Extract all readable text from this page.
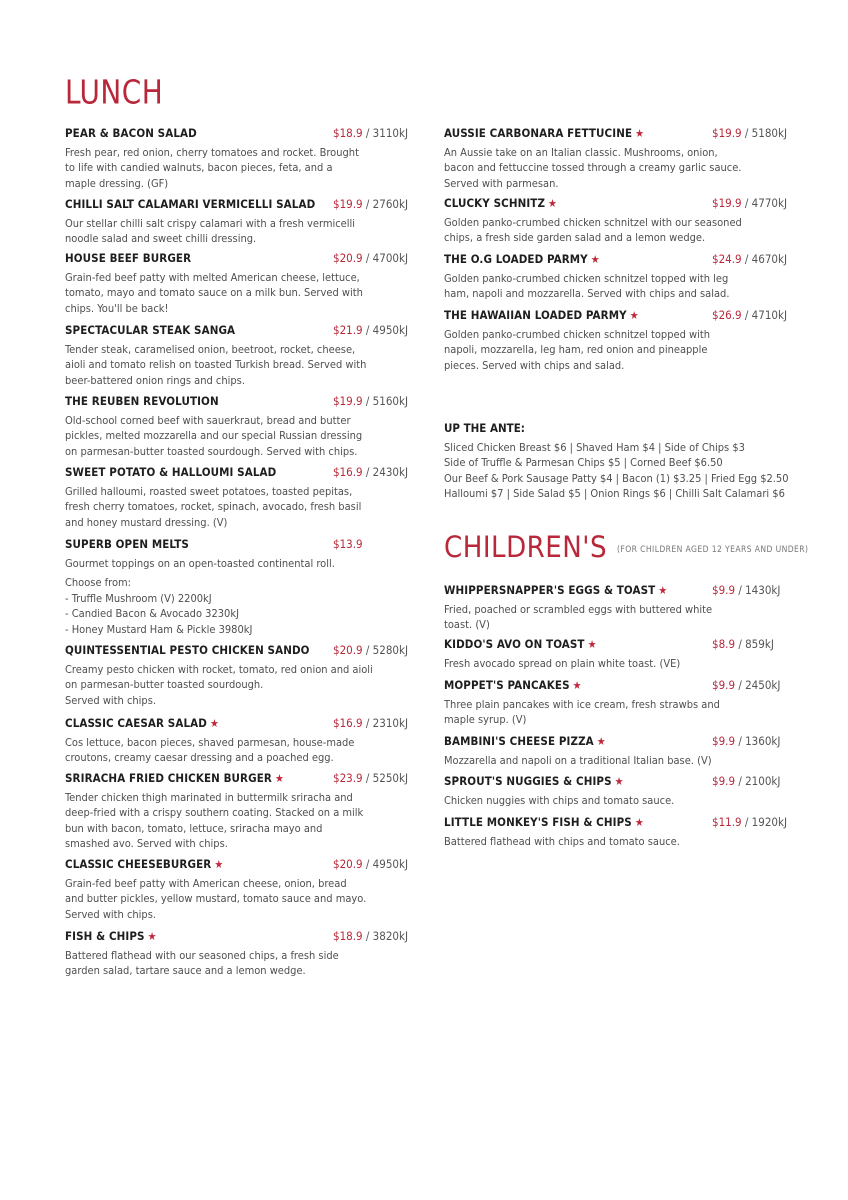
LUNCH
CHILDREN'S $^{(FOR CHILDREN AGED 12 YEARS AND UNDER)}$
PEAR & BACON SALAD	$18.9 / 3110kJ
Fresh pear, red onion, cherry tomatoes and rocket. Brought
to life with candied walnuts, bacon pieces, feta, and a
maple dressing. (GF)
CHILLI SALT CALAMARI VERMICELLI SALAD $19.9 / 2760kJ
Our stellar chilli salt crispy calamari with a fresh vermicelli
noodle salad and sweet chilli dressing.
HOUSE BEEF BURGER	$20.9 / 4700kJ
Grain-fed beef patty with melted American cheese, lettuce,
tomato, mayo and tomato sauce on a milk bun. Served with
chips. You'll be back!
SPECTACULAR STEAK SANGA	$21.9 / 4950kJ
Tender steak, caramelised onion, beetroot, rocket, cheese,
aioli and tomato relish on toasted Turkish bread. Served with
beer-battered onion rings and chips.
THE REUBEN REVOLUTION	$19.9 / 5160kJ
Old-school corned beef with sauerkraut, bread and butter
pickles, melted mozzarella and our special Russian dressing
on parmesan-butter toasted sourdough. Served with chips.
SWEET POTATO & HALLOUMI SALAD	$16.9 / 2430kJ
Grilled halloumi, roasted sweet potatoes, toasted pepitas,
fresh cherry tomatoes, rocket, spinach, avocado, fresh basil
and honey mustard dressing. (V)
SUPERB OPEN MELTS	$13.9
Gourmet toppings on an open-toasted continental roll.
Choose from:
- Truffle Mushroom (V) 2200kJ
- Candied Bacon & Avocado 3230kJ
- Honey Mustard Ham & Pickle 3980kJ
QUINTESSENTIAL PESTO CHICKEN SANDO $20.9 / 5280kJ
Creamy pesto chicken with rocket, tomato, red onion and aioli
on parmesan-butter toasted sourdough.
Served with chips.
CLASSIC CAESAR SALAD ★	$16.9 / 2310kJ
Cos lettuce, bacon pieces, shaved parmesan, house-made
croutons, creamy caesar dressing and a poached egg.
SRIRACHA FRIED CHICKEN BURGER ★	$23.9 / 5250kJ
Tender chicken thigh marinated in buttermilk sriracha and
deep-fried with a crispy southern coating. Stacked on a milk
bun with bacon, tomato, lettuce, sriracha mayo and
smashed avo. Served with chips.
CLASSIC CHEESEBURGER ★	$20.9 / 4950kJ
Grain-fed beef patty with American cheese, onion, bread
and butter pickles, yellow mustard, tomato sauce and mayo.
Served with chips.
FISH & CHIPS ★	$18.9 / 3820kJ
Battered flathead with our seasoned chips, a fresh side
garden salad, tartare sauce and a lemon wedge.
UP THE ANTE:
Sliced Chicken Breast $6 | Shaved Ham $4 | Side of Chips $3
Side of Truffle & Parmesan Chips $5 | Corned Beef $6.50
Our Beef & Pork Sausage Patty $4 | Bacon (1) $3.25 | Fried Egg $2.50
Halloumi $7 | Side Salad $5 | Onion Rings $6 | Chilli Salt Calamari $6
AUSSIE CARBONARA FETTUCINE ★	$19.9 / 5180kJ
An Aussie take on an Italian classic. Mushrooms, onion,
bacon and fettuccine tossed through a creamy garlic sauce.
Served with parmesan.
CLUCKY SCHNITZ ★	$19.9 / 4770kJ
Golden panko-crumbed chicken schnitzel with our seasoned
chips, a fresh side garden salad and a lemon wedge.
THE O.G LOADED PARMY ★	$24.9 / 4670kJ
Golden panko-crumbed chicken schnitzel topped with leg
ham, napoli and mozzarella. Served with chips and salad.
THE HAWAIIAN LOADED PARMY ★	$26.9 / 4710kJ
Golden panko-crumbed chicken schnitzel topped with
napoli, mozzarella, leg ham, red onion and pineapple
pieces. Served with chips and salad.
WHIPPERSNAPPER'S EGGS & TOAST ★	$9.9 / 1430kJ
Fried, poached or scrambled eggs with buttered white
toast. (V)
KIDDO'S AVO ON TOAST ★	$8.9 / 859kJ
Fresh avocado spread on plain white toast. (VE)
MOPPET'S PANCAKES ★	$9.9 / 2450kJ
Three plain pancakes with ice cream, fresh strawbs and
maple syrup. (V)
BAMBINI'S CHEESE PIZZA ★	$9.9 / 1360kJ
Mozzarella and napoli on a traditional Italian base. (V)
SPROUT'S NUGGIES & CHIPS ★	$9.9 / 2100kJ
Chicken nuggies with chips and tomato sauce.
LITTLE MONKEY'S FISH & CHIPS ★	$11.9 / 1920kJ
Battered flathead with chips and tomato sauce.
